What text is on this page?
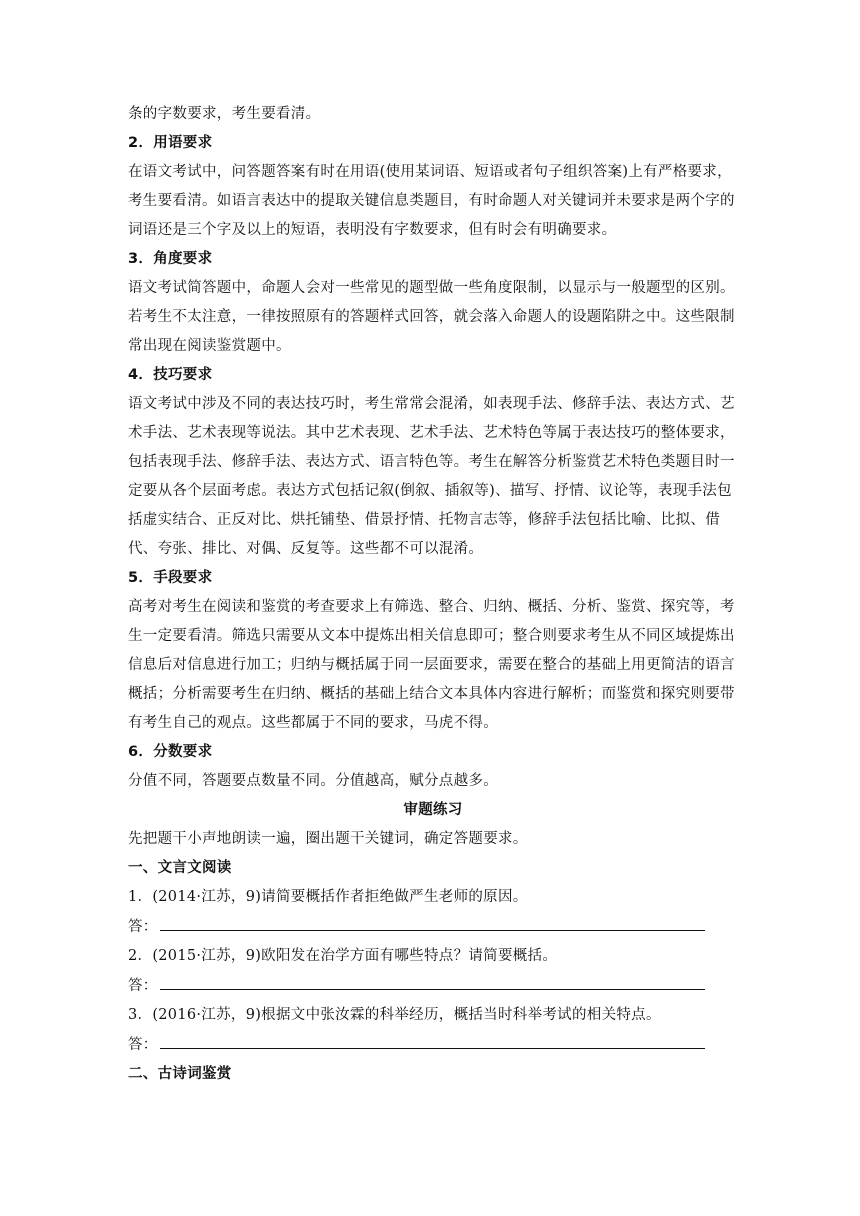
条的字数要求，考生要看清。

2．用语要求

在语文考试中，问答题答案有时在用语(使用某词语、短语或者句子组织答案)上有严格要求，考生要看清。如语言表达中的提取关键信息类题目，有时命题人对关键词并未要求是两个字的词语还是三个字及以上的短语，表明没有字数要求，但有时会有明确要求。

3．角度要求

语文考试简答题中，命题人会对一些常见的题型做一些角度限制，以显示与一般题型的区别。若考生不太注意，一律按照原有的答题样式回答，就会落入命题人的设题陷阱之中。这些限制常出现在阅读鉴赏题中。

4．技巧要求

语文考试中涉及不同的表达技巧时，考生常常会混淆，如表现手法、修辞手法、表达方式、艺术手法、艺术表现等说法。其中艺术表现、艺术手法、艺术特色等属于表达技巧的整体要求，包括表现手法、修辞手法、表达方式、语言特色等。考生在解答分析鉴赏艺术特色类题目时一定要从各个层面考虑。表达方式包括记叙(倒叙、插叙等)、描写、抒情、议论等，表现手法包括虚实结合、正反对比、烘托铺垫、借景抒情、托物言志等，修辞手法包括比喻、比拟、借代、夸张、排比、对偶、反复等。这些都不可以混淆。

5．手段要求

高考对考生在阅读和鉴赏的考查要求上有筛选、整合、归纳、概括、分析、鉴赏、探究等，考生一定要看清。筛选只需要从文本中提炼出相关信息即可；整合则要求考生从不同区域提炼出信息后对信息进行加工；归纳与概括属于同一层面要求，需要在整合的基础上用更简洁的语言概括；分析需要考生在归纳、概括的基础上结合文本具体内容进行解析；而鉴赏和探究则要带有考生自己的观点。这些都属于不同的要求，马虎不得。

6．分数要求

分值不同，答题要点数量不同。分值越高，赋分点越多。

审题练习

先把题干小声地朗读一遍，圈出题干关键词，确定答题要求。

一、文言文阅读

1．(2014·江苏，9)请简要概括作者拒绝做严生老师的原因。

答：

2．(2015·江苏，9)欧阳发在治学方面有哪些特点？请简要概括。

答：

3．(2016·江苏，9)根据文中张汝霖的科举经历，概括当时科举考试的相关特点。

答：

二、古诗词鉴赏
